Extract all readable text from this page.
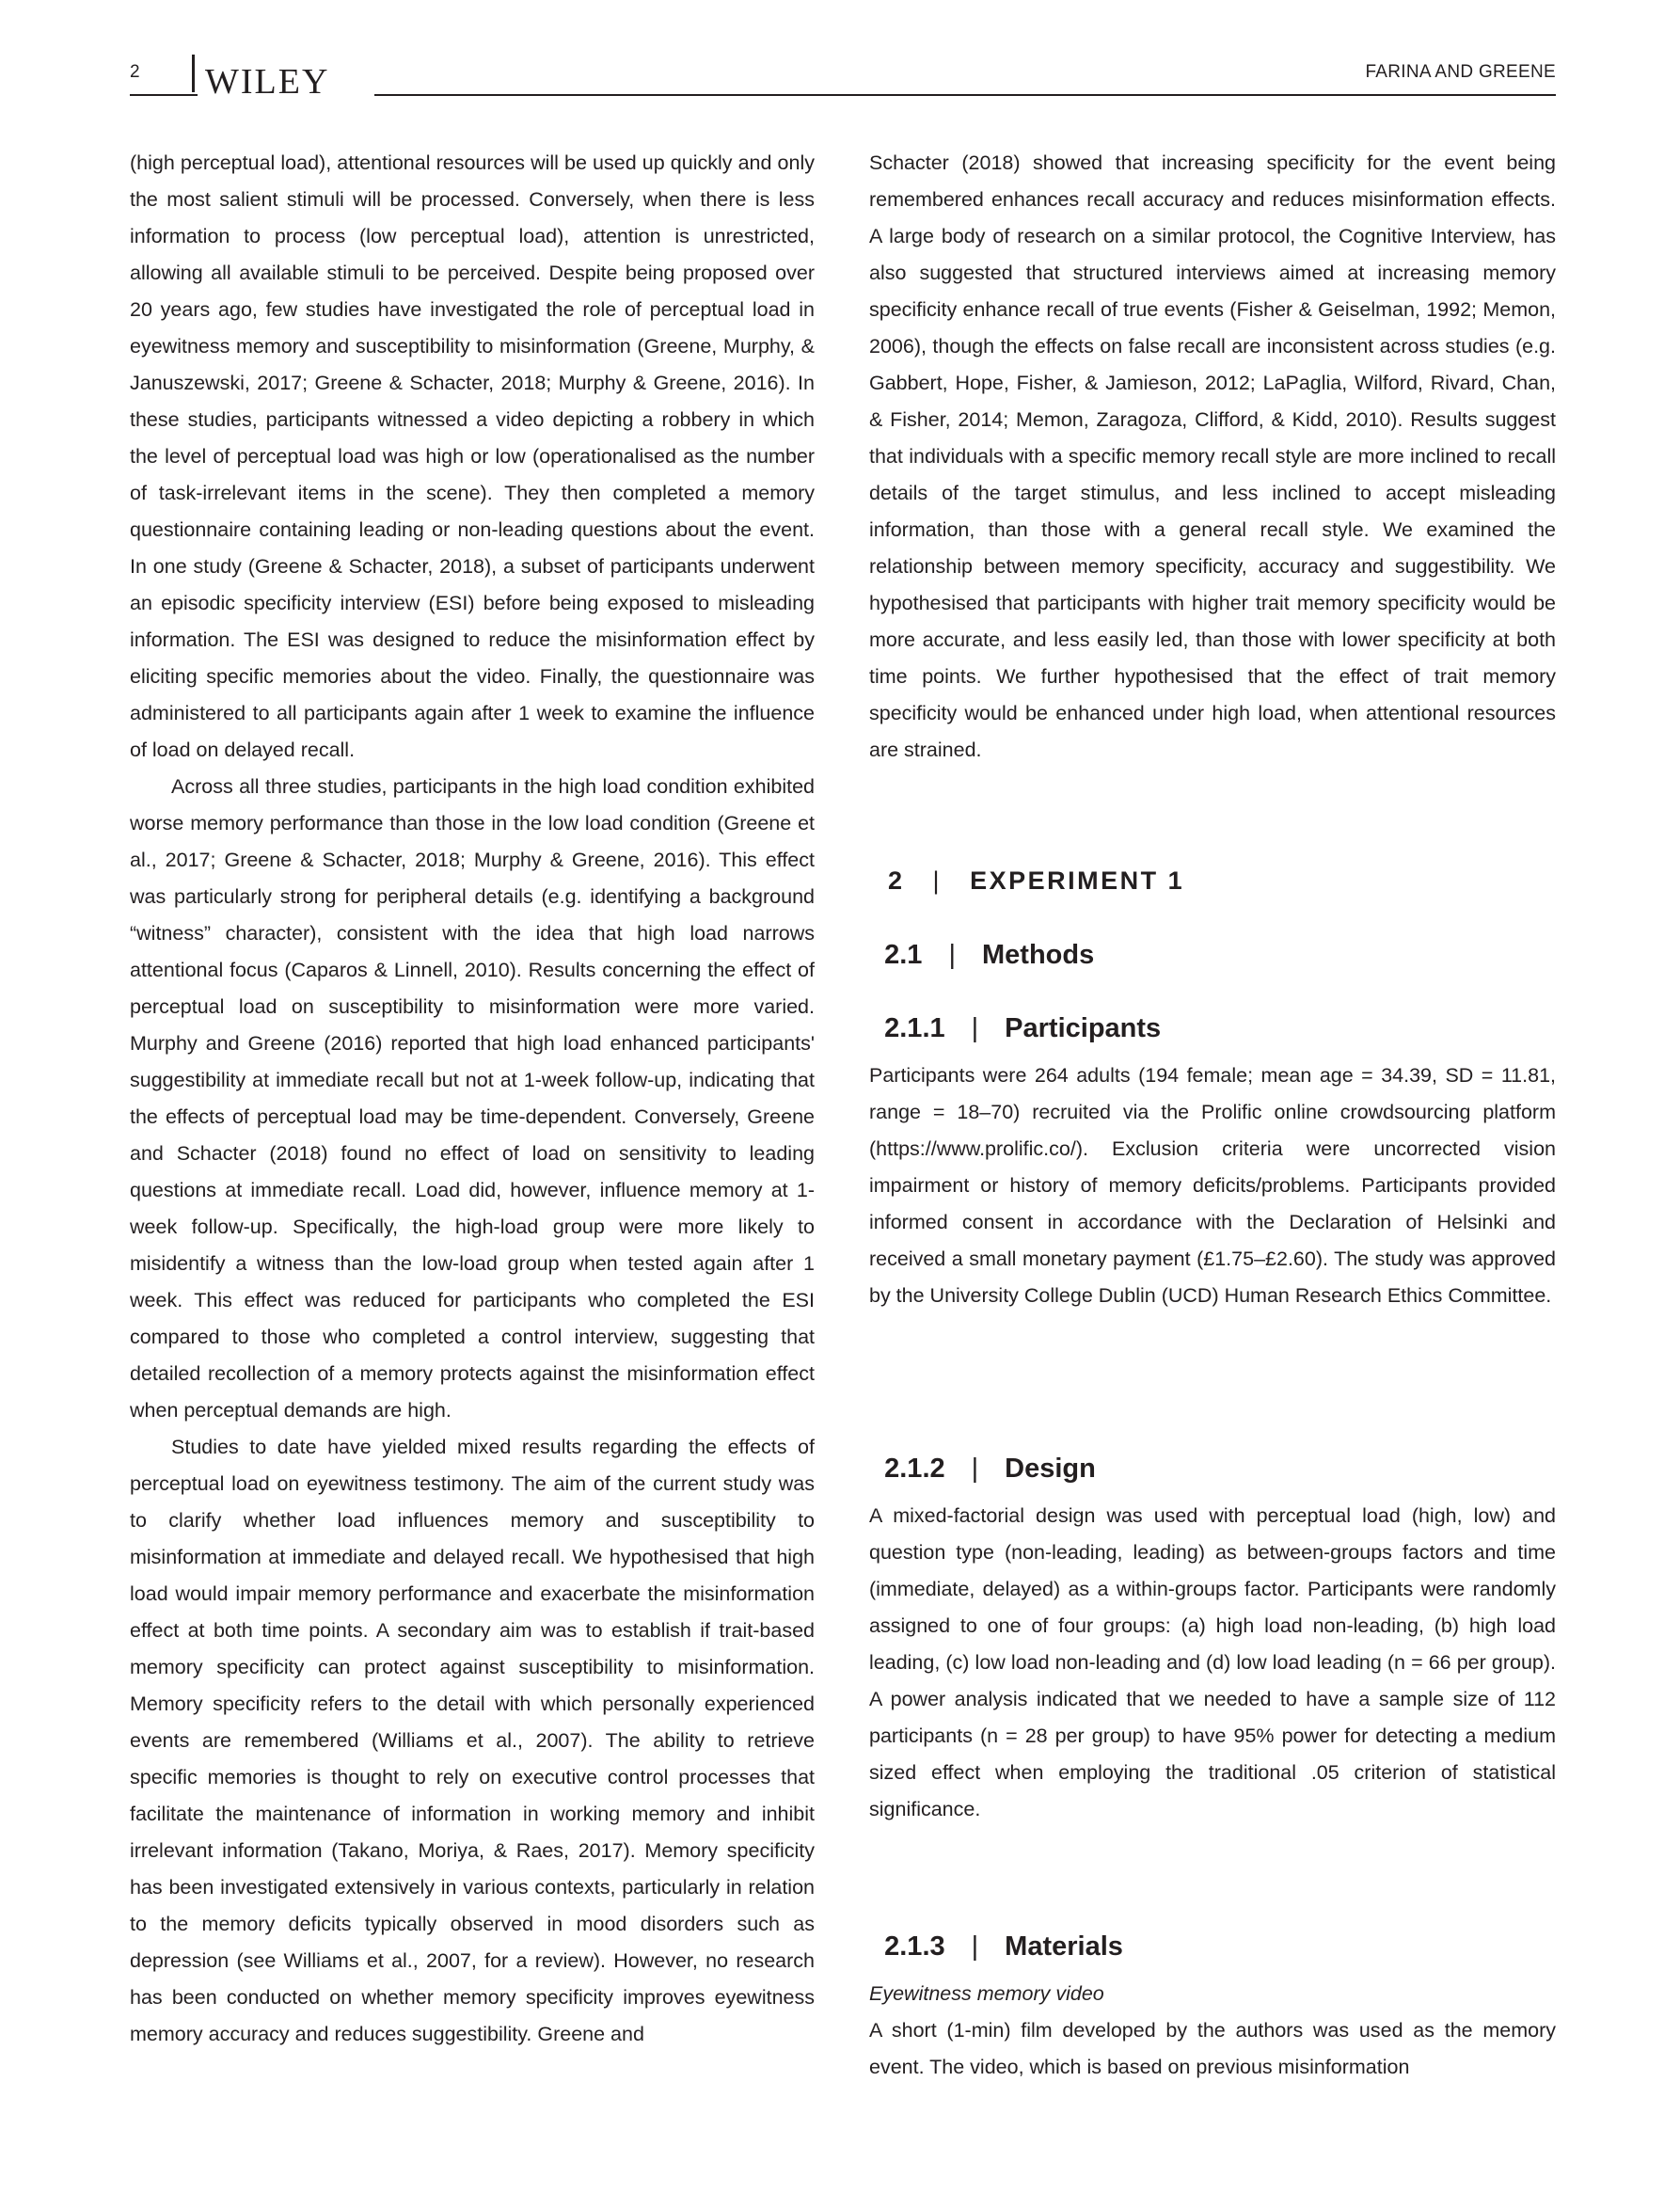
2 WILEY	FARINA AND GREENE

(high perceptual load), attentional resources will be used up quickly and only the most salient stimuli will be processed. Conversely, when there is less information to process (low perceptual load), attention is unrestricted, allowing all available stimuli to be perceived. Despite being proposed over 20 years ago, few studies have investigated the role of perceptual load in eyewitness memory and susceptibility to misinformation (Greene, Murphy, & Januszewski, 2017; Greene & Schacter, 2018; Murphy & Greene, 2016). In these studies, participants witnessed a video depicting a robbery in which the level of perceptual load was high or low (operationalised as the number of task-irrelevant items in the scene). They then completed a memory questionnaire containing leading or non-leading questions about the event. In one study (Greene & Schacter, 2018), a subset of participants underwent an episodic specificity interview (ESI) before being exposed to misleading information. The ESI was designed to reduce the misinformation effect by eliciting specific memories about the video. Finally, the questionnaire was administered to all participants again after 1 week to examine the influence of load on delayed recall.

Across all three studies, participants in the high load condition exhibited worse memory performance than those in the low load condition (Greene et al., 2017; Greene & Schacter, 2018; Murphy & Greene, 2016). This effect was particularly strong for peripheral details (e.g. identifying a background “witness” character), consistent with the idea that high load narrows attentional focus (Caparos & Linnell, 2010). Results concerning the effect of perceptual load on susceptibility to misinformation were more varied. Murphy and Greene (2016) reported that high load enhanced participants' suggestibility at immediate recall but not at 1-week follow-up, indicating that the effects of perceptual load may be time-dependent. Conversely, Greene and Schacter (2018) found no effect of load on sensitivity to leading questions at immediate recall. Load did, however, influence memory at 1-week follow-up. Specifically, the high-load group were more likely to misidentify a witness than the low-load group when tested again after 1 week. This effect was reduced for participants who completed the ESI compared to those who completed a control interview, suggesting that detailed recollection of a memory protects against the misinformation effect when perceptual demands are high.

Studies to date have yielded mixed results regarding the effects of perceptual load on eyewitness testimony. The aim of the current study was to clarify whether load influences memory and susceptibility to misinformation at immediate and delayed recall. We hypothesised that high load would impair memory performance and exacerbate the misinformation effect at both time points. A secondary aim was to establish if trait-based memory specificity can protect against susceptibility to misinformation. Memory specificity refers to the detail with which personally experienced events are remembered (Williams et al., 2007). The ability to retrieve specific memories is thought to rely on executive control processes that facilitate the maintenance of information in working memory and inhibit irrelevant information (Takano, Moriya, & Raes, 2017). Memory specificity has been investigated extensively in various contexts, particularly in relation to the memory deficits typically observed in mood disorders such as depression (see Williams et al., 2007, for a review). However, no research has been conducted on whether memory specificity improves eyewitness memory accuracy and reduces suggestibility. Greene and

Schacter (2018) showed that increasing specificity for the event being remembered enhances recall accuracy and reduces misinformation effects. A large body of research on a similar protocol, the Cognitive Interview, has also suggested that structured interviews aimed at increasing memory specificity enhance recall of true events (Fisher & Geiselman, 1992; Memon, 2006), though the effects on false recall are inconsistent across studies (e.g. Gabbert, Hope, Fisher, & Jamieson, 2012; LaPaglia, Wilford, Rivard, Chan, & Fisher, 2014; Memon, Zaragoza, Clifford, & Kidd, 2010). Results suggest that individuals with a specific memory recall style are more inclined to recall details of the target stimulus, and less inclined to accept misleading information, than those with a general recall style. We examined the relationship between memory specificity, accuracy and suggestibility. We hypothesised that participants with higher trait memory specificity would be more accurate, and less easily led, than those with lower specificity at both time points. We further hypothesised that the effect of trait memory specificity would be enhanced under high load, when attentional resources are strained.

2 | EXPERIMENT 1

2.1 | Methods

2.1.1 | Participants

Participants were 264 adults (194 female; mean age = 34.39, SD = 11.81, range = 18–70) recruited via the Prolific online crowdsourcing platform (https://www.prolific.co/). Exclusion criteria were uncorrected vision impairment or history of memory deficits/problems. Participants provided informed consent in accordance with the Declaration of Helsinki and received a small monetary payment (£1.75–£2.60). The study was approved by the University College Dublin (UCD) Human Research Ethics Committee.

2.1.2 | Design

A mixed-factorial design was used with perceptual load (high, low) and question type (non-leading, leading) as between-groups factors and time (immediate, delayed) as a within-groups factor. Participants were randomly assigned to one of four groups: (a) high load non-leading, (b) high load leading, (c) low load non-leading and (d) low load leading (n = 66 per group). A power analysis indicated that we needed to have a sample size of 112 participants (n = 28 per group) to have 95% power for detecting a medium sized effect when employing the traditional .05 criterion of statistical significance.

2.1.3 | Materials

Eyewitness memory video

A short (1-min) film developed by the authors was used as the memory event. The video, which is based on previous misinformation
